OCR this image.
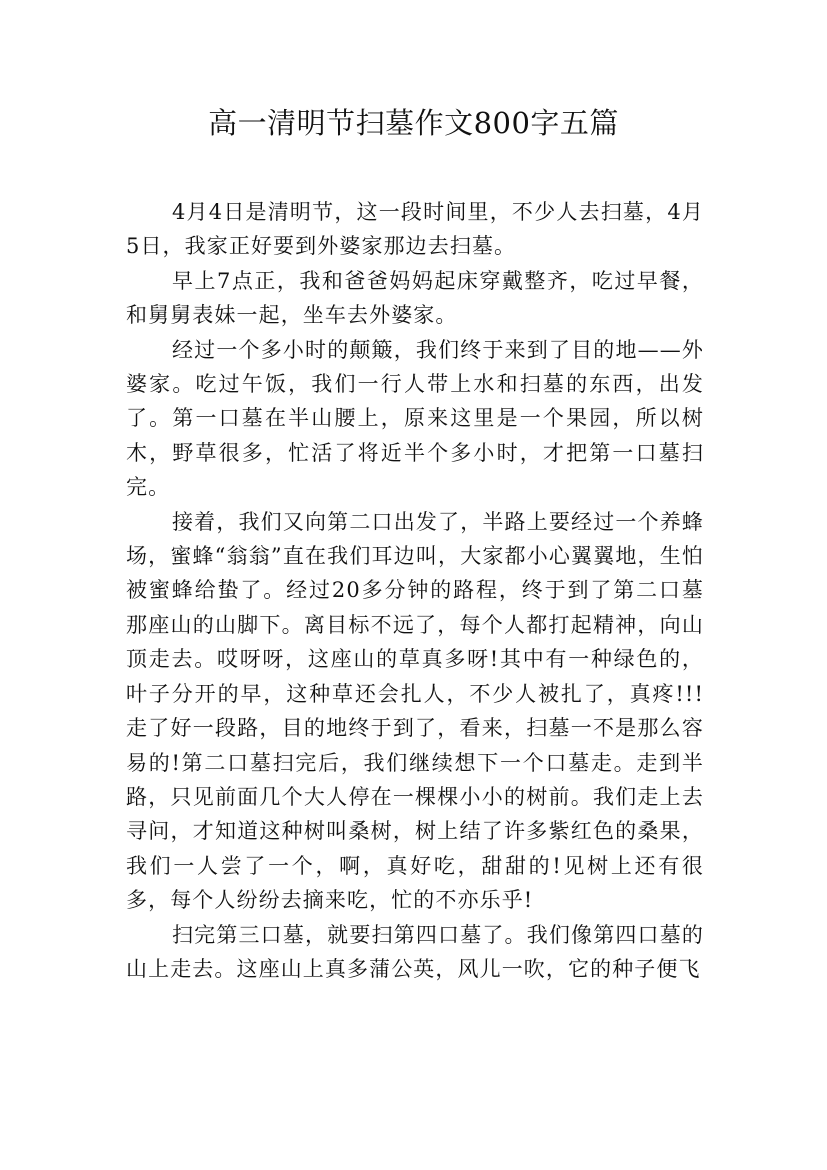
高一清明节扫墓作文800字五篇

4月4日是清明节，这一段时间里，不少人去扫墓，4月5日，我家正好要到外婆家那边去扫墓。

早上7点正，我和爸爸妈妈起床穿戴整齐，吃过早餐，和舅舅表妹一起，坐车去外婆家。

经过一个多小时的颠簸，我们终于来到了目的地——外婆家。吃过午饭，我们一行人带上水和扫墓的东西，出发了。第一口墓在半山腰上，原来这里是一个果园，所以树木，野草很多，忙活了将近半个多小时，才把第一口墓扫完。

接着，我们又向第二口出发了，半路上要经过一个养蜂场，蜜蜂“翁翁”直在我们耳边叫，大家都小心翼翼地，生怕被蜜蜂给蛰了。经过20多分钟的路程，终于到了第二口墓那座山的山脚下。离目标不远了，每个人都打起精神，向山顶走去。哎呀呀，这座山的草真多呀!其中有一种绿色的，叶子分开的早，这种草还会扎人，不少人被扎了，真疼!!!走了好一段路，目的地终于到了，看来，扫墓一不是那么容易的!第二口墓扫完后，我们继续想下一个口墓走。走到半路，只见前面几个大人停在一棵棵小小的树前。我们走上去寻问，才知道这种树叫桑树，树上结了许多紫红色的桑果，我们一人尝了一个，啊，真好吃，甜甜的!见树上还有很多，每个人纷纷去摘来吃，忙的不亦乐乎!

扫完第三口墓，就要扫第四口墓了。我们像第四口墓的山上走去。这座山上真多蒲公英，风儿一吹，它的种子便飞
